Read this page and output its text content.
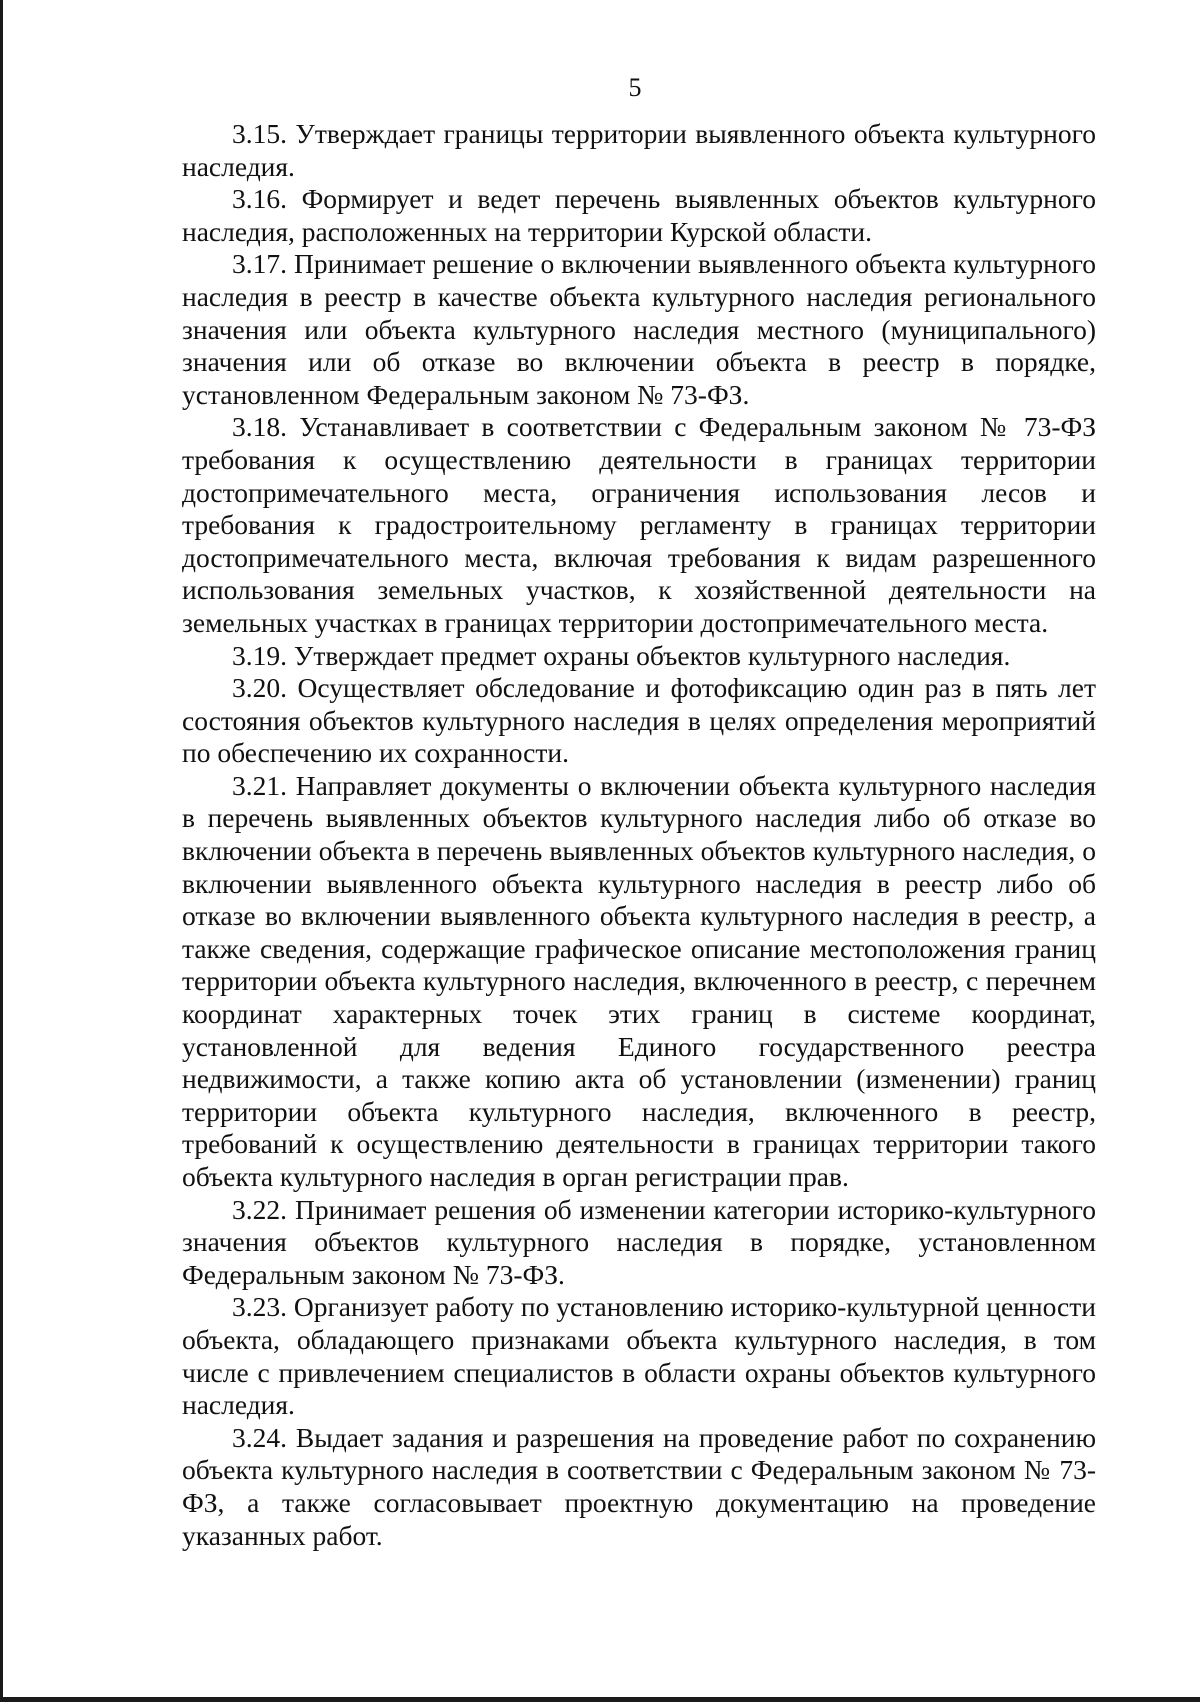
5

3.15. Утверждает границы территории выявленного объекта культурного наследия.

3.16. Формирует и ведет перечень выявленных объектов культурного наследия, расположенных на территории Курской области.

3.17. Принимает решение о включении выявленного объекта культурного наследия в реестр в качестве объекта культурного наследия регионального значения или объекта культурного наследия местного (муниципального) значения или об отказе во включении объекта в реестр в порядке, установленном Федеральным законом № 73-ФЗ.

3.18. Устанавливает в соответствии с Федеральным законом № 73-ФЗ требования к осуществлению деятельности в границах территории достопримечательного места, ограничения использования лесов и требования к градостроительному регламенту в границах территории достопримечательного места, включая требования к видам разрешенного использования земельных участков, к хозяйственной деятельности на земельных участках в границах территории достопримечательного места.

3.19. Утверждает предмет охраны объектов культурного наследия.

3.20. Осуществляет обследование и фотофиксацию один раз в пять лет состояния объектов культурного наследия в целях определения мероприятий по обеспечению их сохранности.

3.21. Направляет документы о включении объекта культурного наследия в перечень выявленных объектов культурного наследия либо об отказе во включении объекта в перечень выявленных объектов культурного наследия, о включении выявленного объекта культурного наследия в реестр либо об отказе во включении выявленного объекта культурного наследия в реестр, а также сведения, содержащие графическое описание местоположения границ территории объекта культурного наследия, включенного в реестр, с перечнем координат характерных точек этих границ в системе координат, установленной для ведения Единого государственного реестра недвижимости, а также копию акта об установлении (изменении) границ территории объекта культурного наследия, включенного в реестр, требований к осуществлению деятельности в границах территории такого объекта культурного наследия в орган регистрации прав.

3.22. Принимает решения об изменении категории историко-культурного значения объектов культурного наследия в порядке, установленном Федеральным законом № 73-ФЗ.

3.23. Организует работу по установлению историко-культурной ценности объекта, обладающего признаками объекта культурного наследия, в том числе с привлечением специалистов в области охраны объектов культурного наследия.

3.24. Выдает задания и разрешения на проведение работ по сохранению объекта культурного наследия в соответствии с Федеральным законом № 73-ФЗ, а также согласовывает проектную документацию на проведение указанных работ.
